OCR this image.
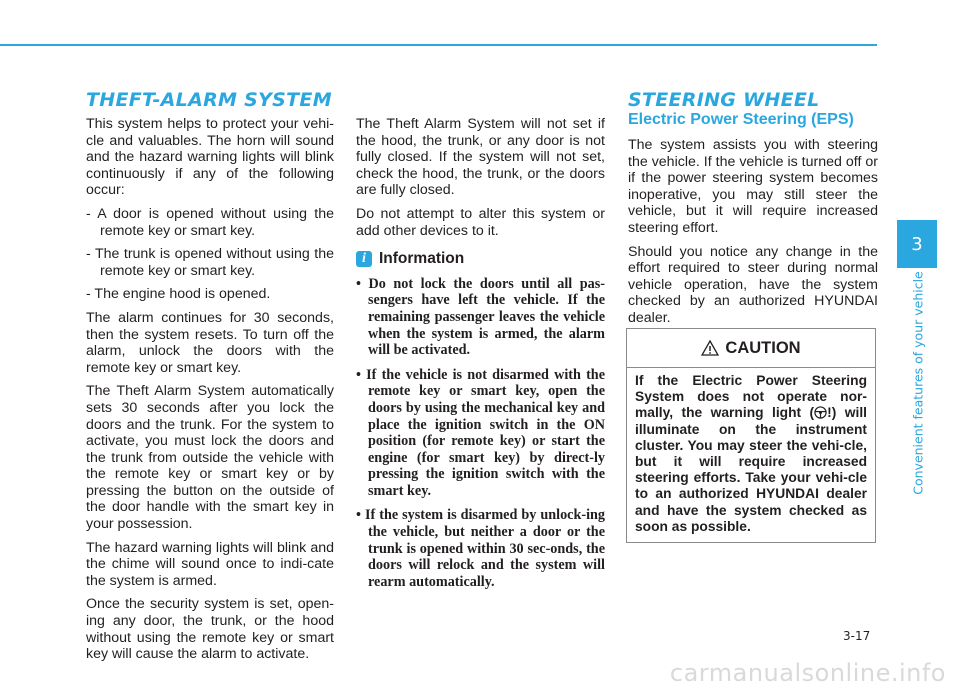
THEFT-ALARM SYSTEM

This system helps to protect your vehi-cle and valuables. The horn will sound and the hazard warning lights will blink continuously if any of the following occur:

- A door is opened without using the remote key or smart key.

- The trunk is opened without using the remote key or smart key.

- The engine hood is opened.

The alarm continues for 30 seconds, then the system resets. To turn off the alarm, unlock the doors with the remote key or smart key.

The Theft Alarm System automatically sets 30 seconds after you lock the doors and the trunk. For the system to activate, you must lock the doors and the trunk from outside the vehicle with the remote key or smart key or by pressing the button on the outside of the door handle with the smart key in your possession.

The hazard warning lights will blink and the chime will sound once to indi-cate the system is armed.

Once the security system is set, open-ing any door, the trunk, or the hood without using the remote key or smart key will cause the alarm to activate.

The Theft Alarm System will not set if the hood, the trunk, or any door is not fully closed. If the system will not set, check the hood, the trunk, or the doors are fully closed.

Do not attempt to alter this system or add other devices to it.

i Information

• Do not lock the doors until all pas-sengers have left the vehicle. If the remaining passenger leaves the vehicle when the system is armed, the alarm will be activated.

• If the vehicle is not disarmed with the remote key or smart key, open the doors by using the mechanical key and place the ignition switch in the ON position (for remote key) or start the engine (for smart key) by direct-ly pressing the ignition switch with the smart key.

• If the system is disarmed by unlock-ing the vehicle, but neither a door or the trunk is opened within 30 sec-onds, the doors will relock and the system will rearm automatically.

STEERING WHEEL
Electric Power Steering (EPS)

The system assists you with steering the vehicle. If the vehicle is turned off or if the power steering system becomes inoperative, you may still steer the vehicle, but it will require increased steering effort.

Should you notice any change in the effort required to steer during normal vehicle operation, have the system checked by an authorized HYUNDAI dealer.

CAUTION
If the Electric Power Steering System does not operate nor-mally, the warning light ( !) will illuminate on the instrument cluster. You may steer the vehi-cle, but it will require increased steering efforts. Take your vehi-cle to an authorized HYUNDAI dealer and have the system checked as soon as possible.
3
Convenient features of your vehicle
3-17
carmanualsonline.info
